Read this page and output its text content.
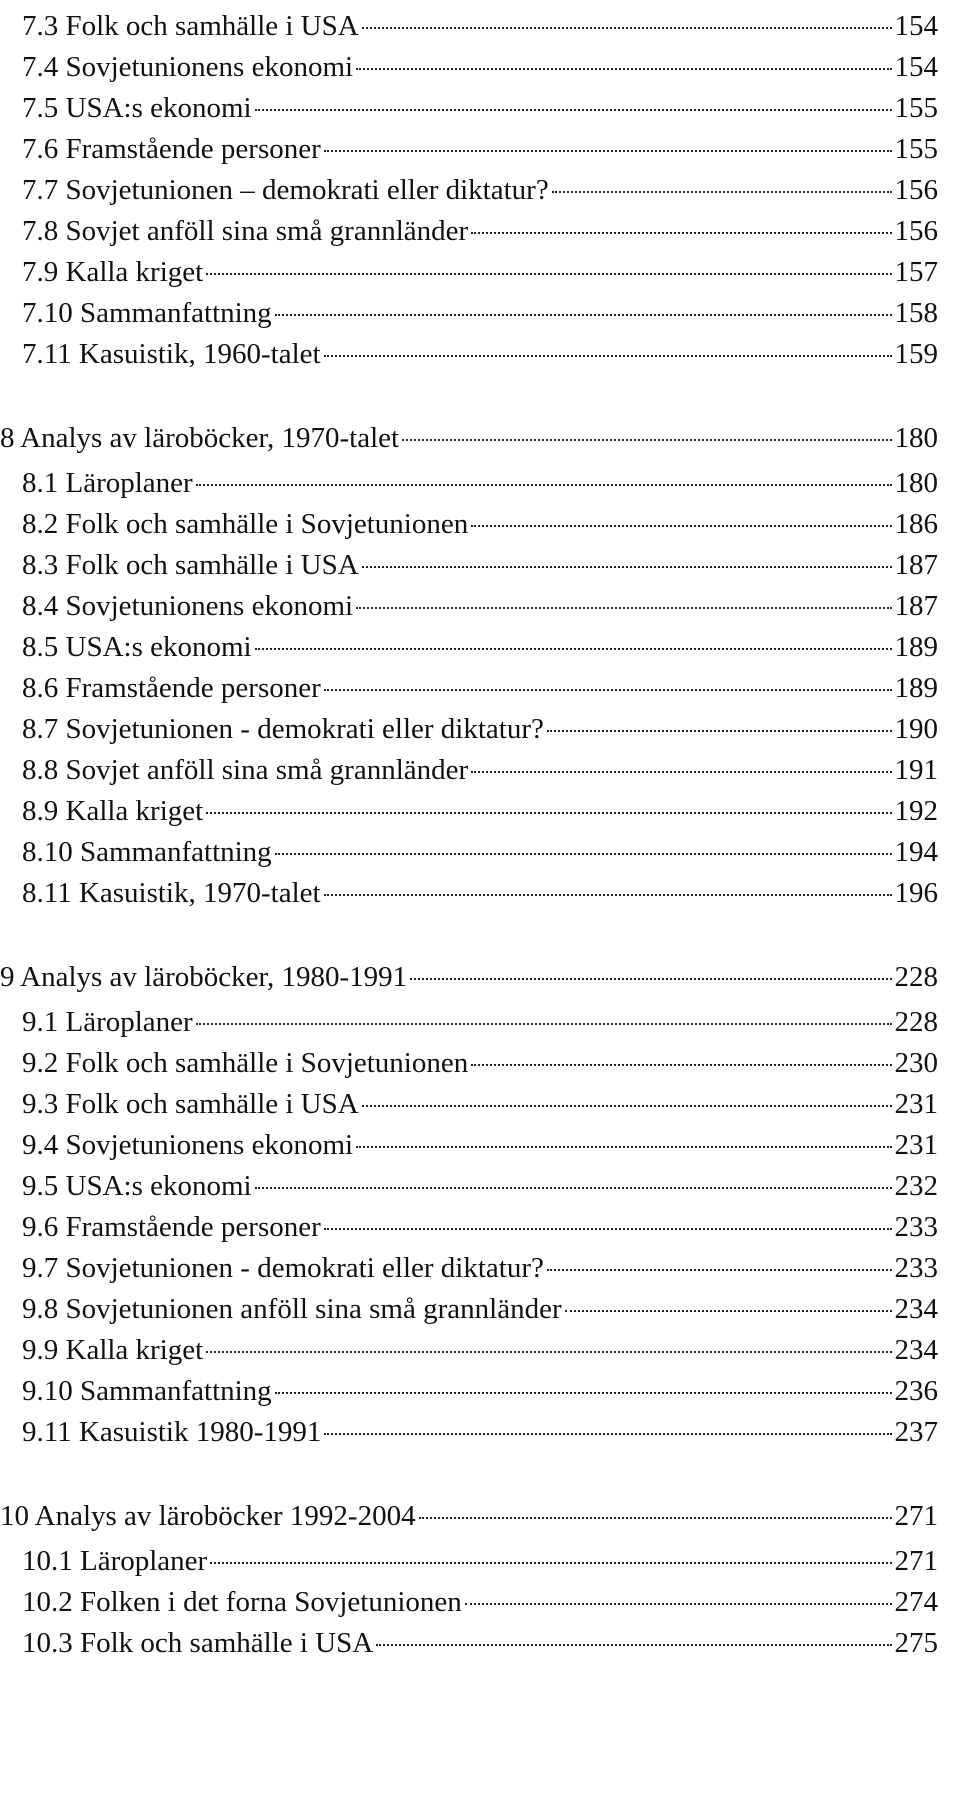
7.3 Folk och samhälle i USA	154
7.4 Sovjetunionens ekonomi	154
7.5 USA:s ekonomi	155
7.6 Framstående personer	155
7.7 Sovjetunionen – demokrati eller diktatur?	156
7.8 Sovjet anföll sina små grannländer	156
7.9 Kalla kriget	157
7.10 Sammanfattning	158
7.11 Kasuistik, 1960-talet	159
8 Analys av läroböcker, 1970-talet	180
8.1 Läroplaner	180
8.2 Folk och samhälle i Sovjetunionen	186
8.3 Folk och samhälle i USA	187
8.4 Sovjetunionens ekonomi	187
8.5 USA:s ekonomi	189
8.6 Framstående personer	189
8.7 Sovjetunionen - demokrati eller diktatur?	190
8.8 Sovjet anföll sina små grannländer	191
8.9 Kalla kriget	192
8.10 Sammanfattning	194
8.11 Kasuistik, 1970-talet	196
9 Analys av läroböcker, 1980-1991	228
9.1 Läroplaner	228
9.2 Folk och samhälle i Sovjetunionen	230
9.3 Folk och samhälle i USA	231
9.4 Sovjetunionens ekonomi	231
9.5 USA:s ekonomi	232
9.6 Framstående personer	233
9.7 Sovjetunionen - demokrati eller diktatur?	233
9.8 Sovjetunionen anföll sina små grannländer	234
9.9 Kalla kriget	234
9.10 Sammanfattning	236
9.11 Kasuistik 1980-1991	237
10 Analys av läroböcker 1992-2004	271
10.1 Läroplaner	271
10.2 Folken i det forna Sovjetunionen	274
10.3 Folk och samhälle i USA	275
